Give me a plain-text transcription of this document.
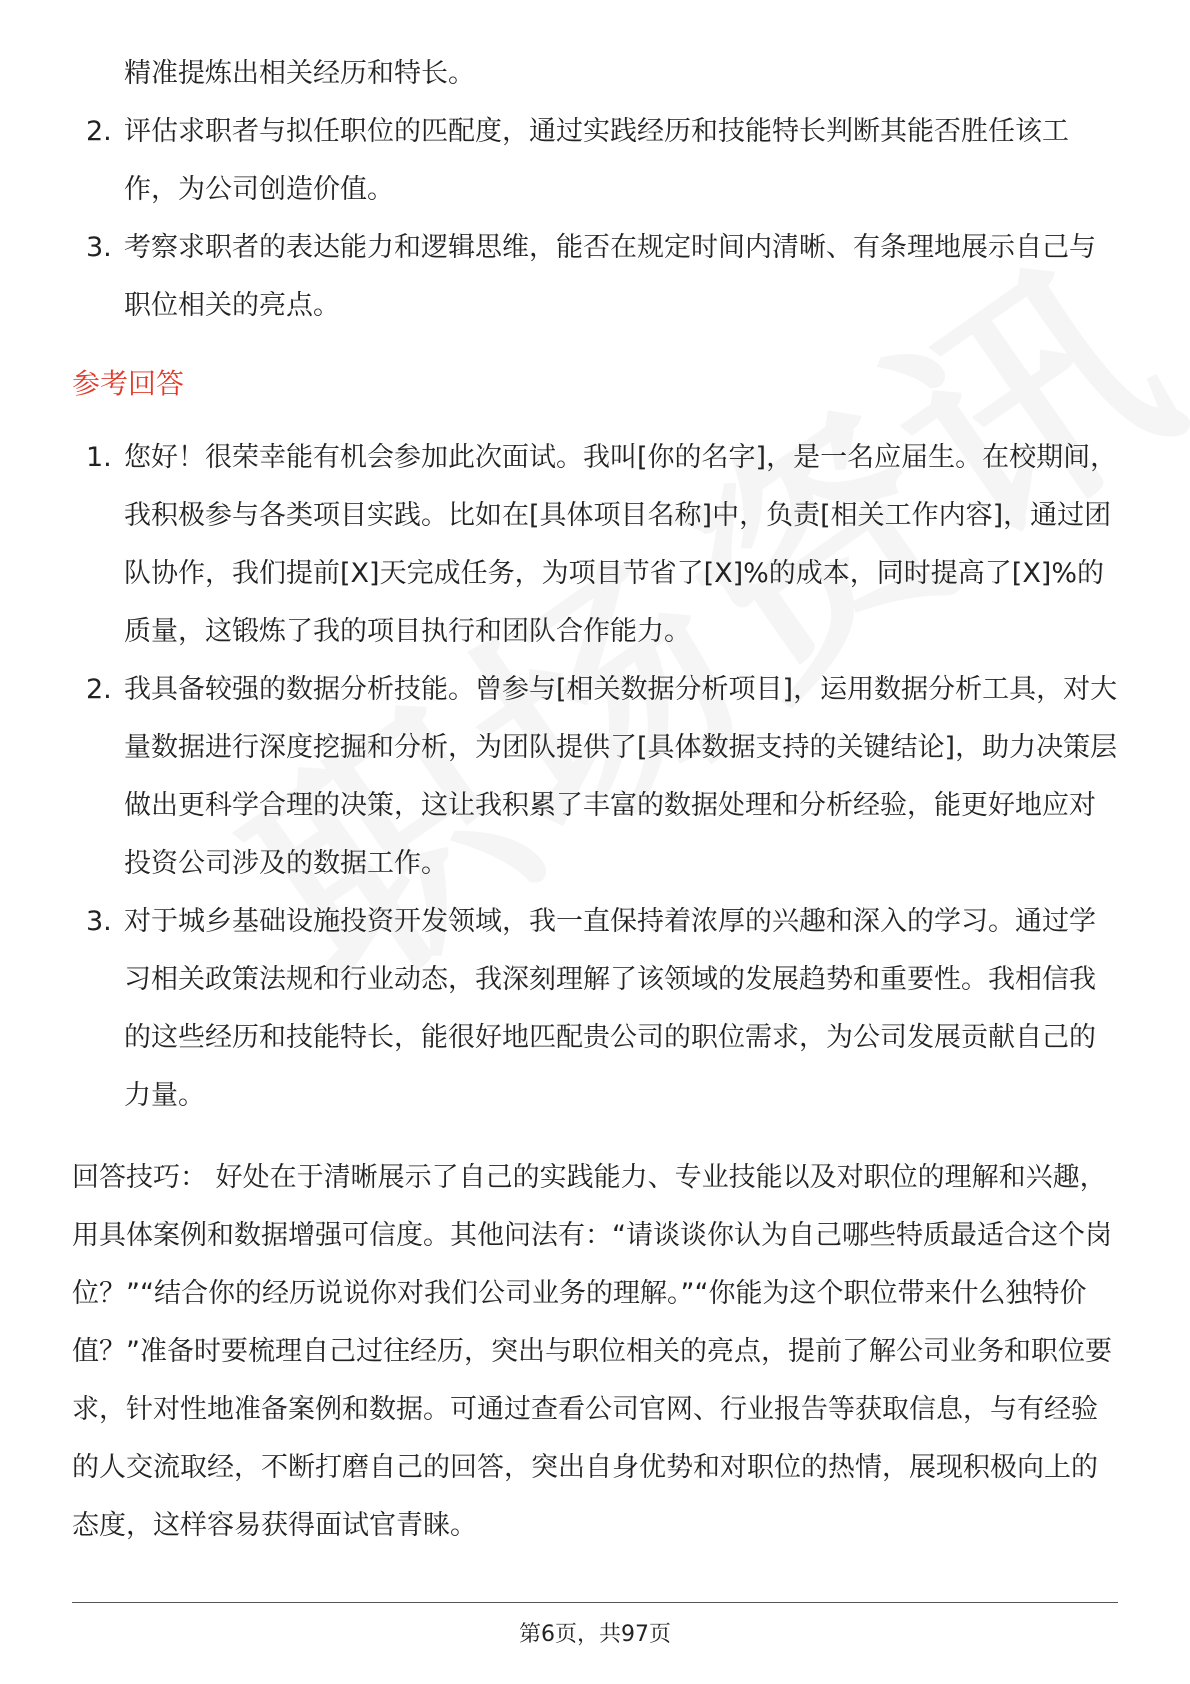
精准提炼出相关经历和特长。
2. 评估求职者与拟任职位的匹配度，通过实践经历和技能特长判断其能否胜任该工作，为公司创造价值。
3. 考察求职者的表达能力和逻辑思维，能否在规定时间内清晰、有条理地展示自己与职位相关的亮点。
参考回答
1. 您好！很荣幸能有机会参加此次面试。我叫[你的名字]，是一名应届生。在校期间，我积极参与各类项目实践。比如在[具体项目名称]中，负责[相关工作内容]，通过团队协作，我们提前[X]天完成任务，为项目节省了[X]%的成本，同时提高了[X]%的质量，这锻炼了我的项目执行和团队合作能力。
2. 我具备较强的数据分析技能。曾参与[相关数据分析项目]，运用数据分析工具，对大量数据进行深度挖掘和分析，为团队提供了[具体数据支持的关键结论]，助力决策层做出更科学合理的决策，这让我积累了丰富的数据处理和分析经验，能更好地应对投资公司涉及的数据工作。
3. 对于城乡基础设施投资开发领域，我一直保持着浓厚的兴趣和深入的学习。通过学习相关政策法规和行业动态，我深刻理解了该领域的发展趋势和重要性。我相信我的这些经历和技能特长，能很好地匹配贵公司的职位需求，为公司发展贡献自己的力量。
回答技巧： 好处在于清晰展示了自己的实践能力、专业技能以及对职位的理解和兴趣，用具体案例和数据增强可信度。其他问法有：“请谈谈你认为自己哪些特质最适合这个岗位？”“结合你的经历说说你对我们公司业务的理解。”“你能为这个职位带来什么独特价值？”准备时要梳理自己过往经历，突出与职位相关的亮点，提前了解公司业务和职位要求，针对性地准备案例和数据。可通过查看公司官网、行业报告等获取信息，与有经验的人交流取经，不断打磨自己的回答，突出自身优势和对职位的热情，展现积极向上的态度，这样容易获得面试官青睐。
第6页，共97页
